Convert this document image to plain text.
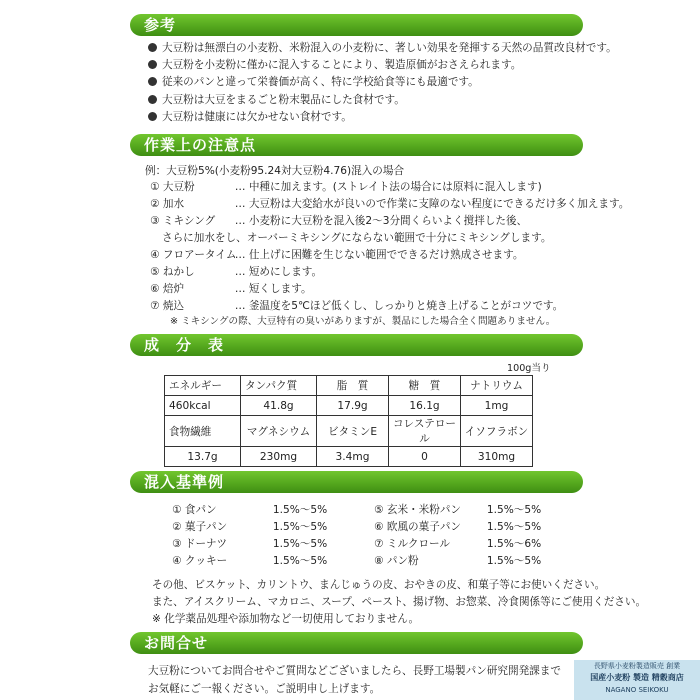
参考
大豆粉は無漂白の小麦粉、米粉混入の小麦粉に、著しい効果を発揮する天然の品質改良材です。
大豆粉を小麦粉に僅かに混入することにより、製造原価がおさえられます。
従来のパンと違って栄養価が高く、特に学校給食等にも最適です。
大豆粉は大豆をまるごと粉末製品にした食材です。
大豆粉は健康には欠かせない食材です。
作業上の注意点
例：大豆粉5%(小麦粉95.24対大豆粉4.76)混入の場合
① 大豆粉	… 中種に加えます。(ストレイト法の場合には原料に混入します)
② 加水	… 大豆粉は大変給水が良いので作業に支障のない程度にできるだけ多く加えます。
③ ミキシング … 小麦粉に大豆粉を混入後2～3分間くらいよく撹拌した後、
さらに加水をし、オーバーミキシングにならない範囲で十分にミキシングします。
④ フロアータイム… 仕上げに困難を生じない範囲でできるだけ熟成させます。
⑤ ねかし	… 短めにします。
⑥ 焙炉	… 短くします。
⑦ 焼込	… 釜温度を5℃ほど低くし、しっかりと焼き上げることがコツです。
※ ミキシングの際、大豆特有の臭いがありますが、製品にした場合全く問題ありません。
成　分　表
100g当り
エネルギー	タンパク質	脂　質	糖　質	ナトリウム
460kcal	41.8g	17.9g	16.1g	1mg
食物繊維	マグネシウム	ビタミンE	コレステロール	イソフラボン
13.7g	230mg	3.4mg	0	310mg
混入基準例
① 食パン	1.5%～5%
② 菓子パン	1.5%～5%
③ ドーナツ	1.5%～5%
④ クッキー	1.5%～5%
⑤ 玄米・米粉パン 1.5%～5%
⑥ 欧風の菓子パン 1.5%～5%
⑦ ミルクロール	1.5%～6%
⑧ パン粉	1.5%～5%
その他、ビスケット、カリントウ、まんじゅうの皮、おやきの皮、和菓子等にお使いください。
また、アイスクリーム、マカロニ、スープ、ペースト、揚げ物、お惣菜、冷食関係等にご使用ください。
※ 化学薬品処理や添加物など一切使用しておりません。
お問合せ
大豆粉についてお問合せやご質問などございましたら、長野工場製パン研究開発課まで
お気軽にご一報ください。ご説明申し上げます。
長野県小麦粉製造販売 創業
国産小麦粉 製造 精穀商店
NAGANO SEIKOKU
